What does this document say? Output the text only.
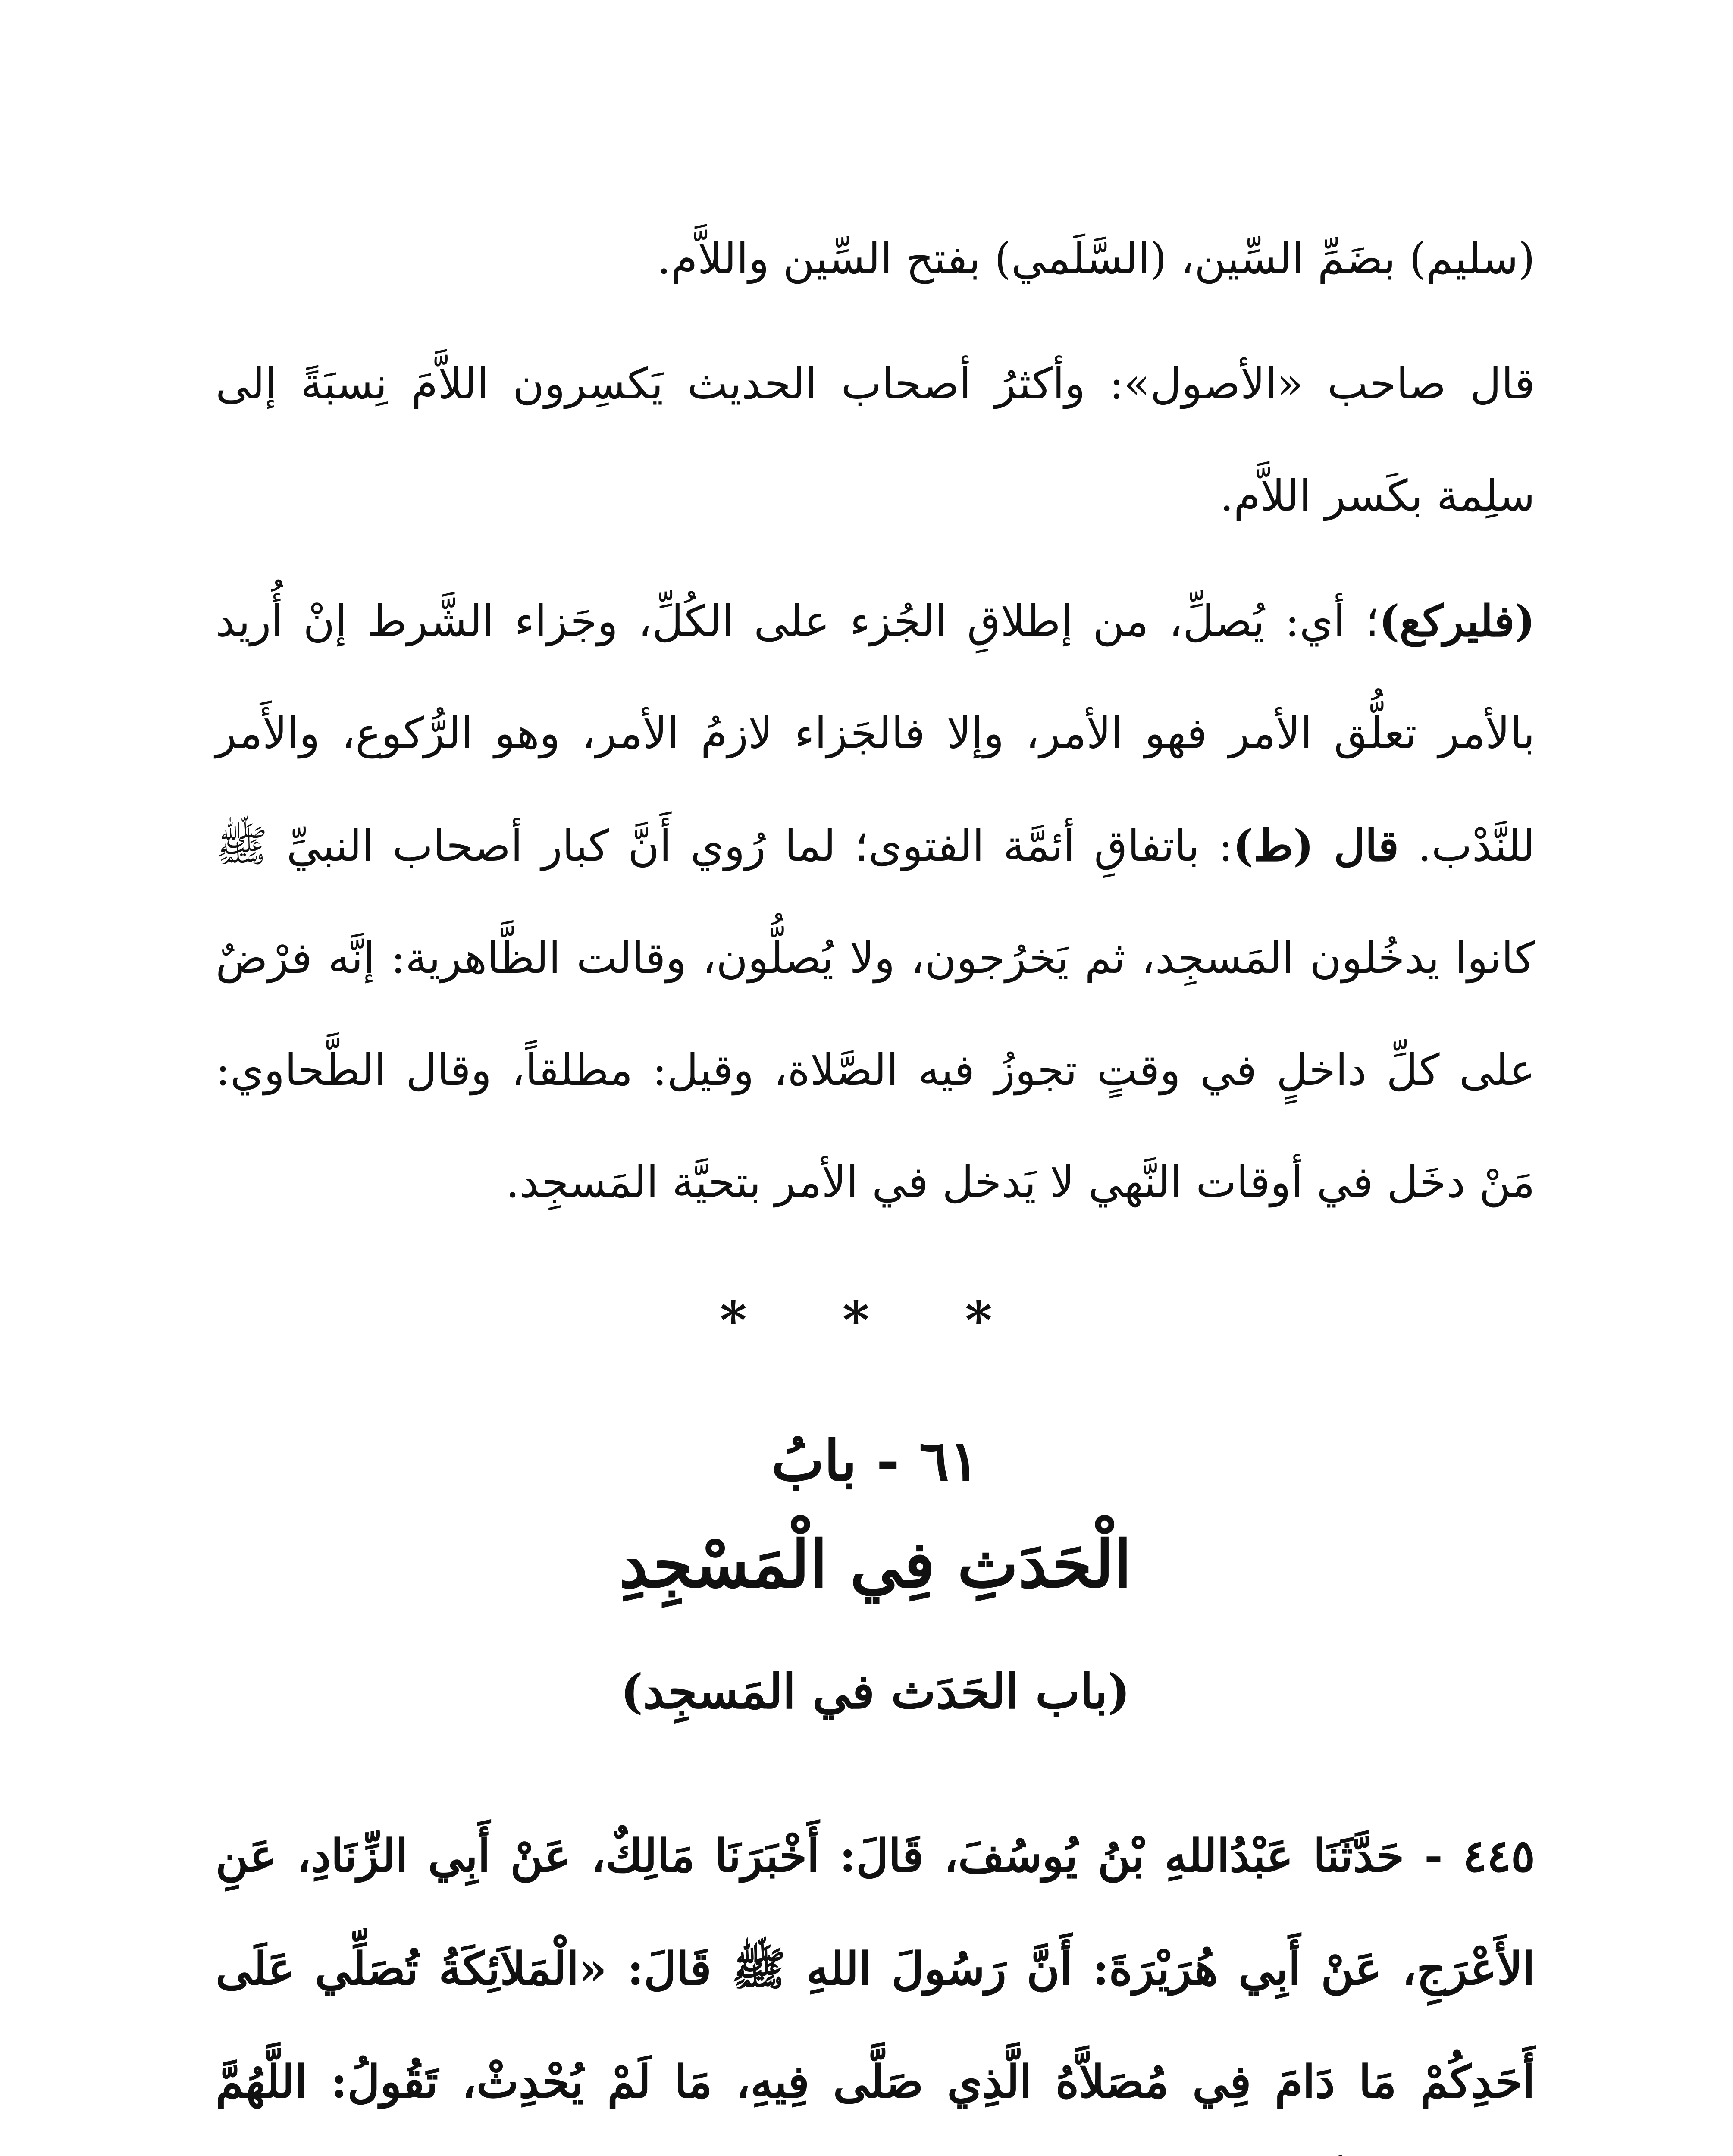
(سليم) بضَمِّ السِّين، (السَّلَمي) بفتح السِّين واللاَّم.

قال صاحب «الأصول»: وأكثرُ أصحاب الحديث يَكسِرون اللاَّمَ نِسبَةً إلى سلِمة بكَسر اللاَّم.

(فليركع)؛ أي: يُصلِّ، من إطلاقِ الجُزء على الكُلِّ، وجَزاء الشَّرط إنْ أُريد بالأمر تعلُّق الأمر فهو الأمر، وإلا فالجَزاء لازمُ الأمر، وهو الرُّكوع، والأَمر للنَّدْب. قال (ط): باتفاقِ أئمَّة الفتوى؛ لما رُوي أَنَّ كبار أصحاب النبيِّ ﷺ كانوا يدخُلون المَسجِد، ثم يَخرُجون، ولا يُصلُّون، وقالت الظَّاهرية: إنَّه فرْضٌ على كلِّ داخلٍ في وقتٍ تجوزُ فيه الصَّلاة، وقيل: مطلقاً، وقال الطَّحاوي: مَنْ دخَل في أوقات النَّهي لا يَدخل في الأمر بتحيَّة المَسجِد.

* * *
٦١ - بابُ
الْحَدَثِ فِي الْمَسْجِدِ
(باب الحَدَث في المَسجِد)
٤٤٥ - حَدَّثَنَا عَبْدُاللهِ بْنُ يُوسُفَ، قَالَ: أَخْبَرَنَا مَالِكٌ، عَنْ أَبِي الزِّنَادِ، عَنِ الأَعْرَجِ، عَنْ أَبِي هُرَيْرَةَ: أَنَّ رَسُولَ اللهِ ﷺ قَالَ: «الْمَلاَئِكَةُ تُصَلِّي عَلَى أَحَدِكُمْ مَا دَامَ فِي مُصَلاَّهُ الَّذِي صَلَّى فِيهِ، مَا لَمْ يُحْدِثْ، تَقُولُ: اللَّهُمَّ
